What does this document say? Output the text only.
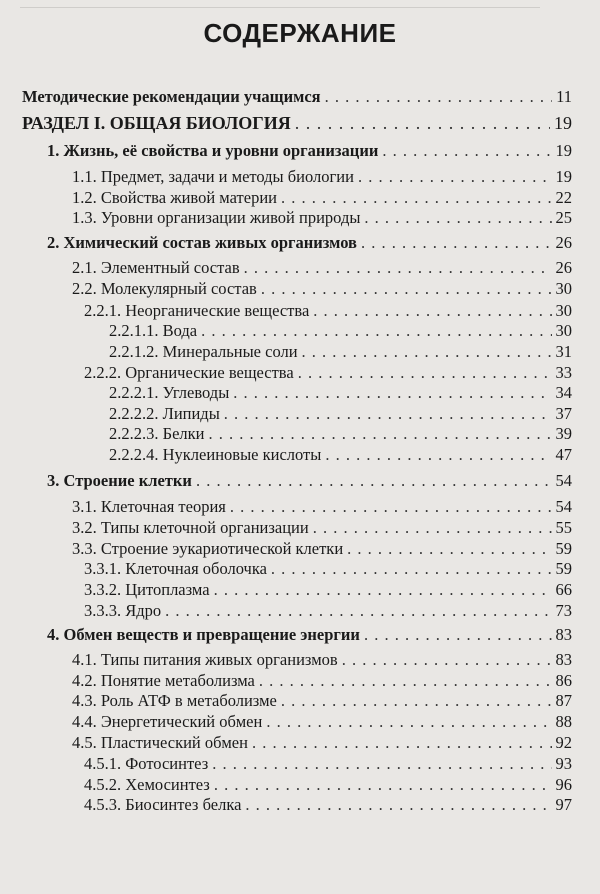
СОДЕРЖАНИЕ
Методические рекомендации учащимся . . .	11
РАЗДЕЛ I. ОБЩАЯ БИОЛОГИЯ . . .	19
1. Жизнь, её свойства и уровни организации . . .	19
1.1. Предмет, задачи и методы биологии . . .	19
1.2. Свойства живой материи . . .	22
1.3. Уровни организации живой природы . . .	25
2. Химический состав живых организмов . . .	26
2.1. Элементный состав . . .	26
2.2. Молекулярный состав . . .	30
2.2.1. Неорганические вещества . . .	30
2.2.1.1. Вода . . .	30
2.2.1.2. Минеральные соли . . .	31
2.2.2. Органические вещества . . .	33
2.2.2.1. Углеводы . . .	34
2.2.2.2. Липиды . . .	37
2.2.2.3. Белки . . .	39
2.2.2.4. Нуклеиновые кислоты . . .	47
3. Строение клетки . . .	54
3.1. Клеточная теория . . .	54
3.2. Типы клеточной организации . . .	55
3.3. Строение эукариотической клетки . . .	59
3.3.1. Клеточная оболочка . . .	59
3.3.2. Цитоплазма . . .	66
3.3.3. Ядро . . .	73
4. Обмен веществ и превращение энергии . . .	83
4.1. Типы питания живых организмов . . .	83
4.2. Понятие метаболизма . . .	86
4.3. Роль АТФ в метаболизме . . .	87
4.4. Энергетический обмен . . .	88
4.5. Пластический обмен . . .	92
4.5.1. Фотосинтез . . .	93
4.5.2. Хемосинтез . . .	96
4.5.3. Биосинтез белка . . .	97
